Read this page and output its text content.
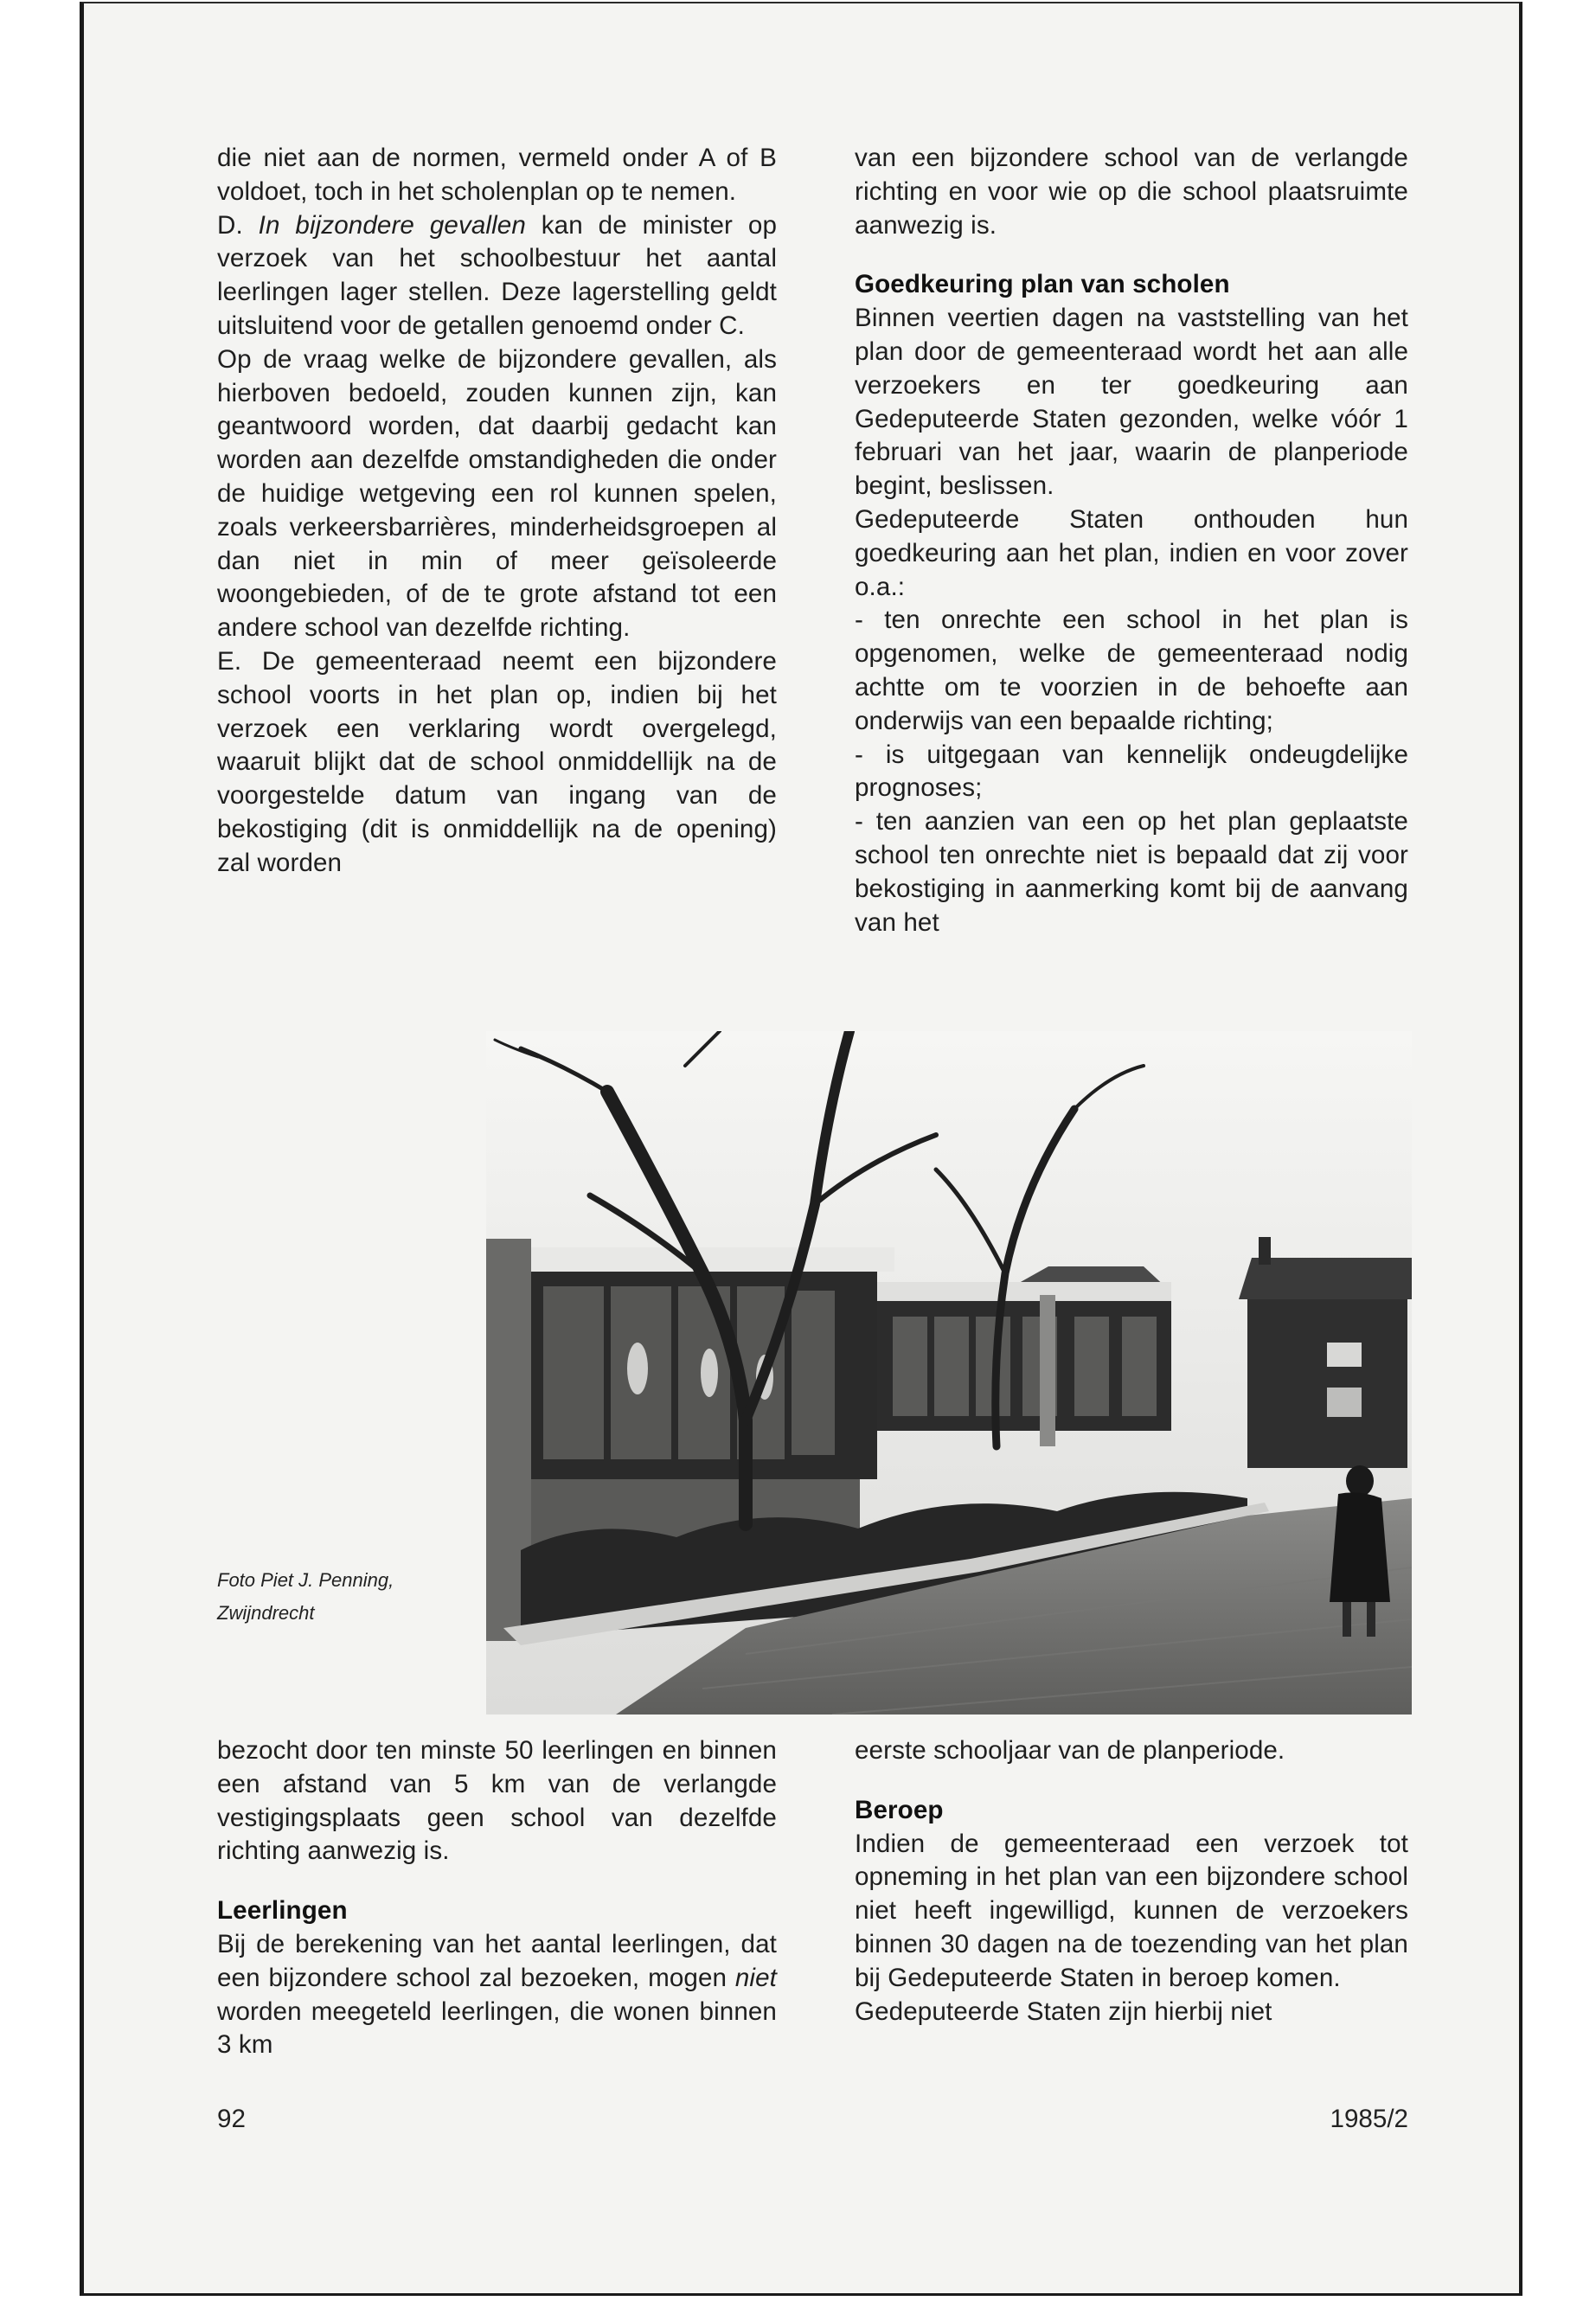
die niet aan de normen, vermeld onder A of B voldoet, toch in het scholenplan op te nemen.

D. In bijzondere gevallen kan de minister op verzoek van het schoolbestuur het aantal leerlingen lager stellen. Deze lagerstelling geldt uitsluitend voor de getallen genoemd onder C.

Op de vraag welke de bijzondere gevallen, als hierboven bedoeld, zouden kunnen zijn, kan geantwoord worden, dat daarbij gedacht kan worden aan dezelfde omstandigheden die onder de huidige wetgeving een rol kunnen spelen, zoals verkeersbarrières, minderheidsgroepen al dan niet in min of meer geïsoleerde woongebieden, of de te grote afstand tot een andere school van dezelfde richting.

E. De gemeenteraad neemt een bijzondere school voorts in het plan op, indien bij het verzoek een verklaring wordt overgelegd, waaruit blijkt dat de school onmiddellijk na de voorgestelde datum van ingang van de bekostiging (dit is onmiddellijk na de opening) zal worden

van een bijzondere school van de verlangde richting en voor wie op die school plaatsruimte aanwezig is.

Goedkeuring plan van scholen

Binnen veertien dagen na vaststelling van het plan door de gemeenteraad wordt het aan alle verzoekers en ter goedkeuring aan Gedeputeerde Staten gezonden, welke vóór 1 februari van het jaar, waarin de planperiode begint, beslissen.

Gedeputeerde Staten onthouden hun goedkeuring aan het plan, indien en voor zover o.a.:

- ten onrechte een school in het plan is opgenomen, welke de gemeenteraad nodig achtte om te voorzien in de behoefte aan onderwijs van een bepaalde richting;

- is uitgegaan van kennelijk ondeugdelijke prognoses;

- ten aanzien van een op het plan geplaatste school ten onrechte niet is bepaald dat zij voor bekostiging in aanmerking komt bij de aanvang van het

Foto Piet J. Penning,
Zwijndrecht

bezocht door ten minste 50 leerlingen en binnen een afstand van 5 km van de verlangde vestigingsplaats geen school van dezelfde richting aanwezig is.

Leerlingen

Bij de berekening van het aantal leerlingen, dat een bijzondere school zal bezoeken, mogen niet worden meegeteld leerlingen, die wonen binnen 3 km

eerste schooljaar van de planperiode.

Beroep

Indien de gemeenteraad een verzoek tot opneming in het plan van een bijzondere school niet heeft ingewilligd, kunnen de verzoekers binnen 30 dagen na de toezending van het plan bij Gedeputeerde Staten in beroep komen.

Gedeputeerde Staten zijn hierbij niet

92	1985/2
